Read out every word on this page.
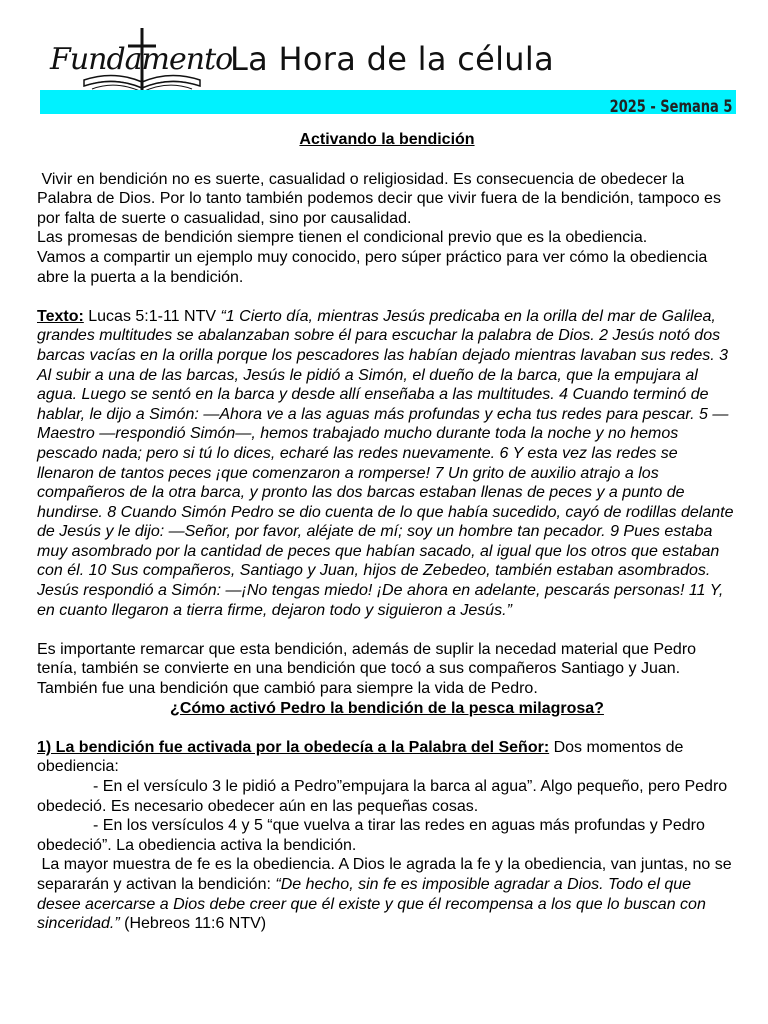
Fundamento
La Hora de la célula
2025 - Semana 5

Activando la bendición

Vivir en bendición no es suerte, casualidad o religiosidad. Es consecuencia de obedecer la Palabra de Dios. Por lo tanto también podemos decir que vivir fuera de la bendición, tampoco es por falta de suerte o casualidad, sino por causalidad.

Las promesas de bendición siempre tienen el condicional previo que es la obediencia.

Vamos a compartir un ejemplo muy conocido, pero súper práctico para ver cómo la obediencia abre la puerta a la bendición.

Texto: Lucas 5:1-11 NTV “1 Cierto día, mientras Jesús predicaba en la orilla del mar de Galilea, grandes multitudes se abalanzaban sobre él para escuchar la palabra de Dios. 2 Jesús notó dos barcas vacías en la orilla porque los pescadores las habían dejado mientras lavaban sus redes. 3 Al subir a una de las barcas, Jesús le pidió a Simón, el dueño de la barca, que la empujara al agua. Luego se sentó en la barca y desde allí enseñaba a las multitudes. 4 Cuando terminó de hablar, le dijo a Simón: —Ahora ve a las aguas más profundas y echa tus redes para pescar. 5 —Maestro —respondió Simón—, hemos trabajado mucho durante toda la noche y no hemos pescado nada; pero si tú lo dices, echaré las redes nuevamente. 6 Y esta vez las redes se llenaron de tantos peces ¡que comenzaron a romperse! 7 Un grito de auxilio atrajo a los compañeros de la otra barca, y pronto las dos barcas estaban llenas de peces y a punto de hundirse. 8 Cuando Simón Pedro se dio cuenta de lo que había sucedido, cayó de rodillas delante de Jesús y le dijo: —Señor, por favor, aléjate de mí; soy un hombre tan pecador. 9 Pues estaba muy asombrado por la cantidad de peces que habían sacado, al igual que los otros que estaban con él. 10 Sus compañeros, Santiago y Juan, hijos de Zebedeo, también estaban asombrados. Jesús respondió a Simón: —¡No tengas miedo! ¡De ahora en adelante, pescarás personas! 11 Y, en cuanto llegaron a tierra firme, dejaron todo y siguieron a Jesús.”

Es importante remarcar que esta bendición, además de suplir la necedad material que Pedro tenía, también se convierte en una bendición que tocó a sus compañeros Santiago y Juan. También fue una bendición que cambió para siempre la vida de Pedro.

¿Cómo activó Pedro la bendición de la pesca milagrosa?

1) La bendición fue activada por la obedecía a la Palabra del Señor: Dos momentos de obediencia:

- En el versículo 3 le pidió a Pedro”empujara la barca al agua”. Algo pequeño, pero Pedro obedeció. Es necesario obedecer aún en las pequeñas cosas.

- En los versículos 4 y 5 “que vuelva a tirar las redes en aguas más profundas y Pedro obedeció”. La obediencia activa la bendición.

La mayor muestra de fe es la obediencia. A Dios le agrada la fe y la obediencia, van juntas, no se separarán y activan la bendición: “De hecho, sin fe es imposible agradar a Dios. Todo el que desee acercarse a Dios debe creer que él existe y que él recompensa a los que lo buscan con sinceridad.” (Hebreos 11:6 NTV)
